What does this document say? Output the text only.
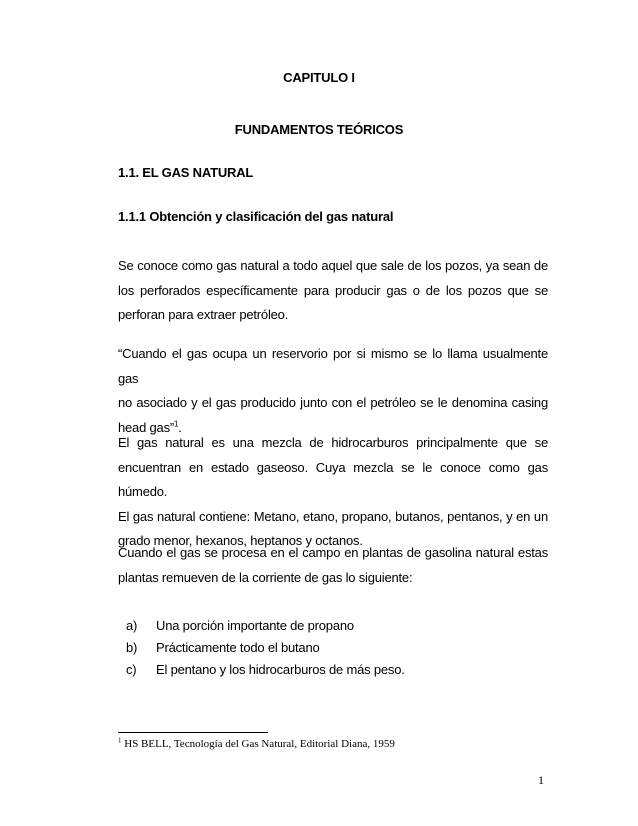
CAPITULO I
FUNDAMENTOS TEÓRICOS
1.1. EL GAS NATURAL
1.1.1 Obtención y clasificación del gas natural
Se conoce como gas natural a todo aquel que sale de los pozos, ya sean de
los perforados específicamente para producir gas o de los pozos que se
perforan para extraer petróleo.
“Cuando el gas ocupa un reservorio por si mismo se lo llama usualmente gas
no asociado y el gas producido junto con el petróleo se le denomina casing
head gas”$^1$.
El gas natural es una mezcla de hidrocarburos principalmente que se
encuentran en estado gaseoso. Cuya mezcla se le conoce como gas húmedo.
El gas natural contiene: Metano, etano, propano, butanos, pentanos, y en un
grado menor, hexanos, heptanos y octanos.
Cuando el gas se procesa en el campo en plantas de gasolina natural estas
plantas remueven de la corriente de gas lo siguiente:
a) Una porción importante de propano
b) Prácticamente todo el butano
c) El pentano y los hidrocarburos de más peso.
$^1$ HS BELL, Tecnología del Gas Natural, Editorial Diana, 1959
1
